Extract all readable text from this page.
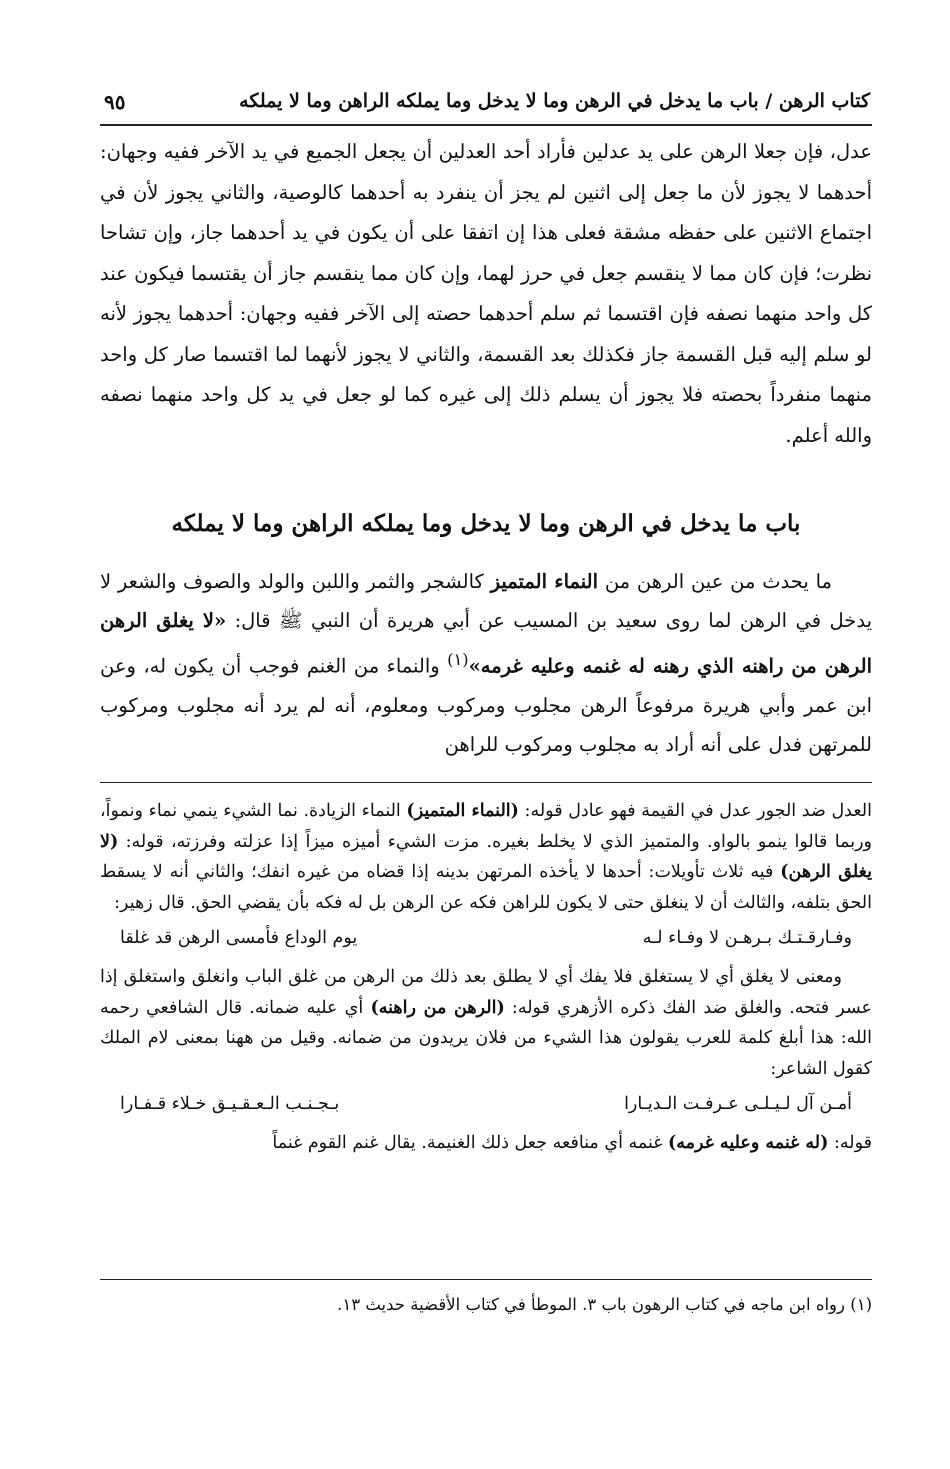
كتاب الرهن / باب ما يدخل في الرهن وما لا يدخل وما يملكه الراهن وما لا يملكه
٩٥

عدل، فإن جعلا الرهن على يد عدلين فأراد أحد العدلين أن يجعل الجميع في يد الآخر ففيه وجهان: أحدهما لا يجوز لأن ما جعل إلى اثنين لم يجز أن ينفرد به أحدهما كالوصية، والثاني يجوز لأن في اجتماع الاثنين على حفظه مشقة فعلى هذا إن اتفقا على أن يكون في يد أحدهما جاز، وإن تشاحا نظرت؛ فإن كان مما لا ينقسم جعل في حرز لهما، وإن كان مما ينقسم جاز أن يقتسما فيكون عند كل واحد منهما نصفه فإن اقتسما ثم سلم أحدهما حصته إلى الآخر ففيه وجهان: أحدهما يجوز لأنه لو سلم إليه قبل القسمة جاز فكذلك بعد القسمة، والثاني لا يجوز لأنهما لما اقتسما صار كل واحد منهما منفرداً بحصته فلا يجوز أن يسلم ذلك إلى غيره كما لو جعل في يد كل واحد منهما نصفه والله أعلم.

باب ما يدخل في الرهن وما لا يدخل وما يملكه الراهن وما لا يملكه

ما يحدث من عين الرهن من النماء المتميز كالشجر والثمر واللبن والولد والصوف والشعر لا يدخل في الرهن لما روى سعيد بن المسيب عن أبي هريرة أن النبي ﷺ قال: «لا يغلق الرهن الرهن من راهنه الذي رهنه له غنمه وعليه غرمه»$^{(١)}$ والنماء من الغنم فوجب أن يكون له، وعن ابن عمر وأبي هريرة مرفوعاً الرهن مجلوب ومركوب ومعلوم، أنه لم يرد أنه مجلوب ومركوب للمرتهن فدل على أنه أراد به مجلوب ومركوب للراهن

العدل ضد الجور عدل في القيمة فهو عادل قوله: (النماء المتميز) النماء الزيادة. نما الشيء ينمي نماء ونمواً، وربما قالوا ينمو بالواو. والمتميز الذي لا يخلط بغيره. مزت الشيء أميزه ميزاً إذا عزلته وفرزته، قوله: (لا يغلق الرهن) فيه ثلاث تأويلات: أحدها لا يأخذه المرتهن بدينه إذا قضاه من غيره انفك؛ والثاني أنه لا يسقط الحق بتلفه، والثالث أن لا ينغلق حتى لا يكون للراهن فكه عن الرهن بل له فكه بأن يقضي الحق. قال زهير:

وفـارقـتـك بـرهـن لا وفـاء لـه
يوم الوداع فأمسى الرهن قد غلقا

ومعنى لا يغلق أي لا يستغلق فلا يفك أي لا يطلق بعد ذلك من الرهن من غلق الباب وانغلق واستغلق إذا عسر فتحه. والغلق ضد الفك ذكره الأزهري قوله: (الرهن من راهنه) أي عليه ضمانه. قال الشافعي رحمه الله: هذا أبلغ كلمة للعرب يقولون هذا الشيء من فلان يريدون من ضمانه. وقيل من ههنا بمعنى لام الملك كقول الشاعر:

أمـن آل لـيـلـى عـرفـت الـديـارا
بـجـنـب الـعـقـيـق خـلاء قـفـارا

قوله: (له غنمه وعليه غرمه) غنمه أي منافعه جعل ذلك الغنيمة. يقال غنم القوم غنماً

(١) رواه ابن ماجه في كتاب الرهون باب ٣. الموطأ في كتاب الأقضية حديث ١٣.
